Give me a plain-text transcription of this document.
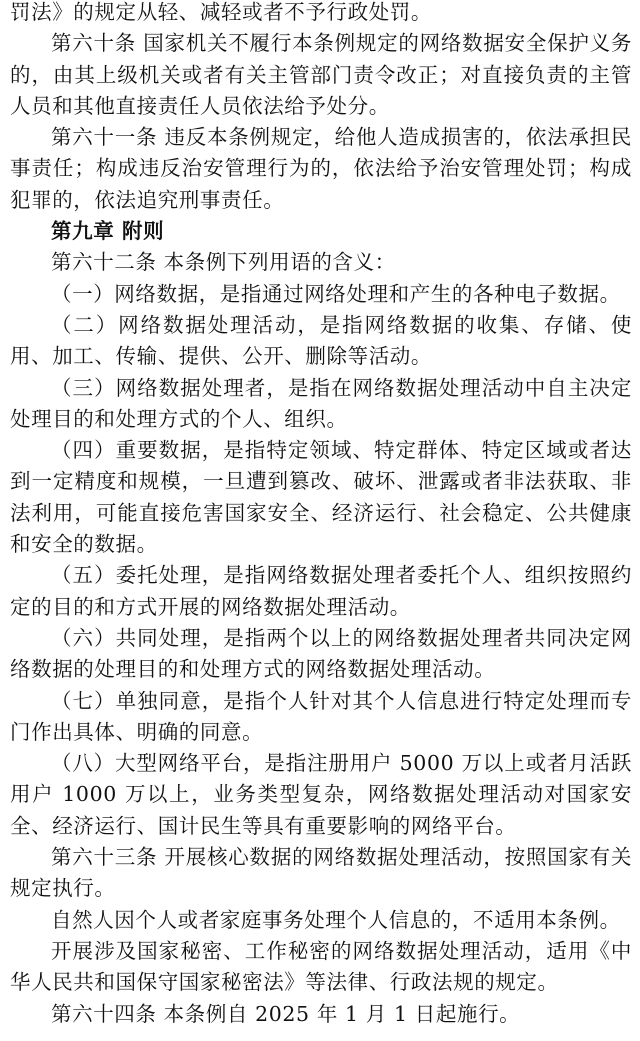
罚法》的规定从轻、减轻或者不予行政处罚。

第六十条 国家机关不履行本条例规定的网络数据安全保护义务的，由其上级机关或者有关主管部门责令改正；对直接负责的主管人员和其他直接责任人员依法给予处分。

第六十一条 违反本条例规定，给他人造成损害的，依法承担民事责任；构成违反治安管理行为的，依法给予治安管理处罚；构成犯罪的，依法追究刑事责任。

第九章 附则

第六十二条 本条例下列用语的含义：

（一）网络数据，是指通过网络处理和产生的各种电子数据。

（二）网络数据处理活动，是指网络数据的收集、存储、使用、加工、传输、提供、公开、删除等活动。

（三）网络数据处理者，是指在网络数据处理活动中自主决定处理目的和处理方式的个人、组织。

（四）重要数据，是指特定领域、特定群体、特定区域或者达到一定精度和规模，一旦遭到篡改、破坏、泄露或者非法获取、非法利用，可能直接危害国家安全、经济运行、社会稳定、公共健康和安全的数据。

（五）委托处理，是指网络数据处理者委托个人、组织按照约定的目的和方式开展的网络数据处理活动。

（六）共同处理，是指两个以上的网络数据处理者共同决定网络数据的处理目的和处理方式的网络数据处理活动。

（七）单独同意，是指个人针对其个人信息进行特定处理而专门作出具体、明确的同意。

（八）大型网络平台，是指注册用户 5000 万以上或者月活跃用户 1000 万以上，业务类型复杂，网络数据处理活动对国家安全、经济运行、国计民生等具有重要影响的网络平台。

第六十三条 开展核心数据的网络数据处理活动，按照国家有关规定执行。

自然人因个人或者家庭事务处理个人信息的，不适用本条例。

开展涉及国家秘密、工作秘密的网络数据处理活动，适用《中华人民共和国保守国家秘密法》等法律、行政法规的规定。

第六十四条 本条例自 2025 年 1 月 1 日起施行。
